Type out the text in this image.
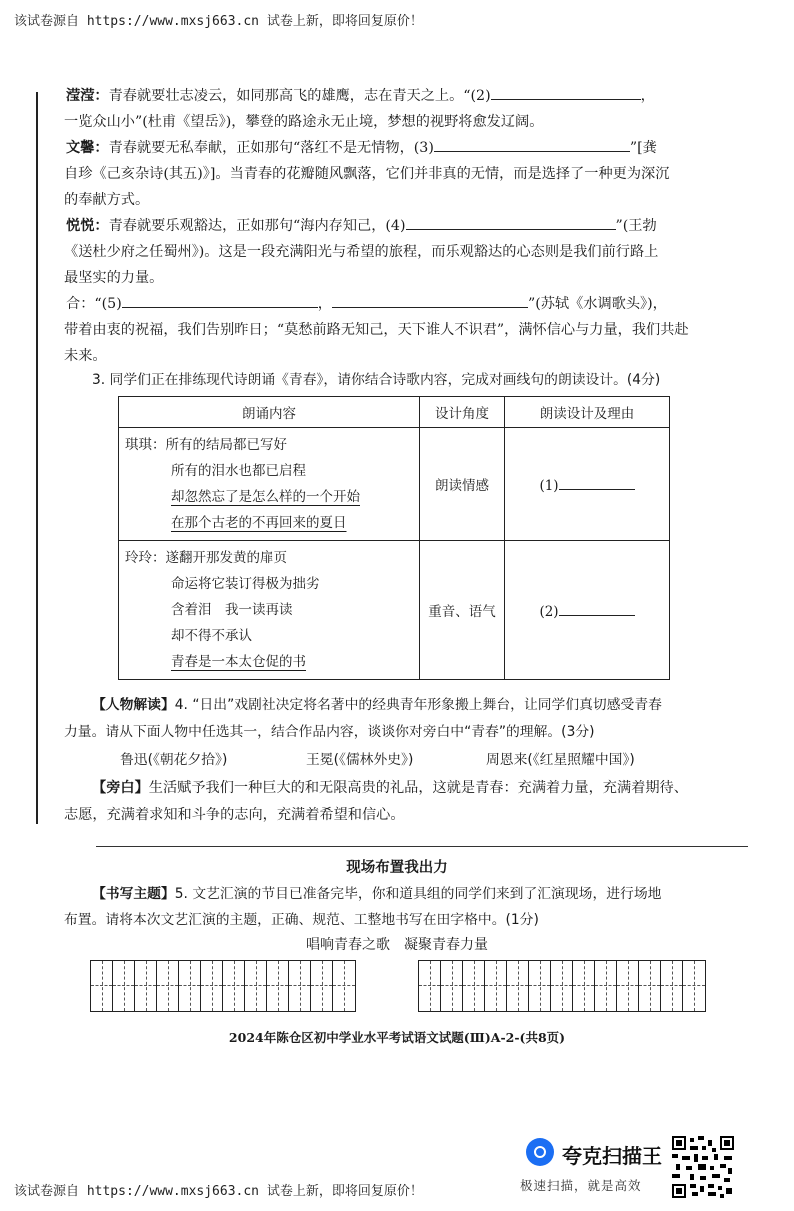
该试卷源自 https://www.mxsj663.cn 试卷上新，即将回复原价！
滢滢：青春就要壮志凌云，如同那高飞的雄鹰，志在青天之上。“(2)	，
一览众山小”(杜甫《望岳》)，攀登的路途永无止境，梦想的视野将愈发辽阔。
文馨：青春就要无私奉献，正如那句“落红不是无情物，(3)	”[龚
自珍《己亥杂诗(其五)》]。当青春的花瓣随风飘落，它们并非真的无情，而是选择了一种更为深沉
的奉献方式。
悦悦：青春就要乐观豁达，正如那句“海内存知己，(4)	”(王勃
《送杜少府之任蜀州》)。这是一段充满阳光与希望的旅程，而乐观豁达的心态则是我们前行路上
最坚实的力量。
合：“(5)	，	”(苏轼《水调歌头》)，
带着由衷的祝福，我们告别昨日；“莫愁前路无知己，天下谁人不识君”，满怀信心与力量，我们共赴
未来。
3. 同学们正在排练现代诗朗诵《青春》，请你结合诗歌内容，完成对画线句的朗读设计。(4分)
朗诵内容	设计角度	朗读设计及理由

琪琪：所有的结局都已写好
所有的泪水也都已启程
却忽然忘了是怎么样的一个开始
在那个古老的不再回来的夏日	朗读情感	(1)

玲玲：遂翻开那发黄的扉页
命运将它装订得极为拙劣
含着泪　我一读再读
却不得不承认
青春是一本太仓促的书	重音、语气	(2)
【人物解读】4. “日出”戏剧社决定将名著中的经典青年形象搬上舞台，让同学们真切感受青春
力量。请从下面人物中任选其一，结合作品内容，谈谈你对旁白中“青春”的理解。(3分)
鲁迅(《朝花夕拾》)	王冕(《儒林外史》)	周恩来(《红星照耀中国》)
【旁白】生活赋予我们一种巨大的和无限高贵的礼品，这就是青春：充满着力量，充满着期待、
志愿，充满着求知和斗争的志向，充满着希望和信心。
现场布置我出力
【书写主题】5. 文艺汇演的节目已准备完毕，你和道具组的同学们来到了汇演现场，进行场地
布置。请将本次文艺汇演的主题，正确、规范、工整地书写在田字格中。(1分)
唱响青春之歌　凝聚青春力量
2024年陈仓区初中学业水平考试语文试题(Ⅲ)A-2-(共8页)
夸克扫描王
极速扫描，就是高效
该试卷源自 https://www.mxsj663.cn 试卷上新，即将回复原价！
